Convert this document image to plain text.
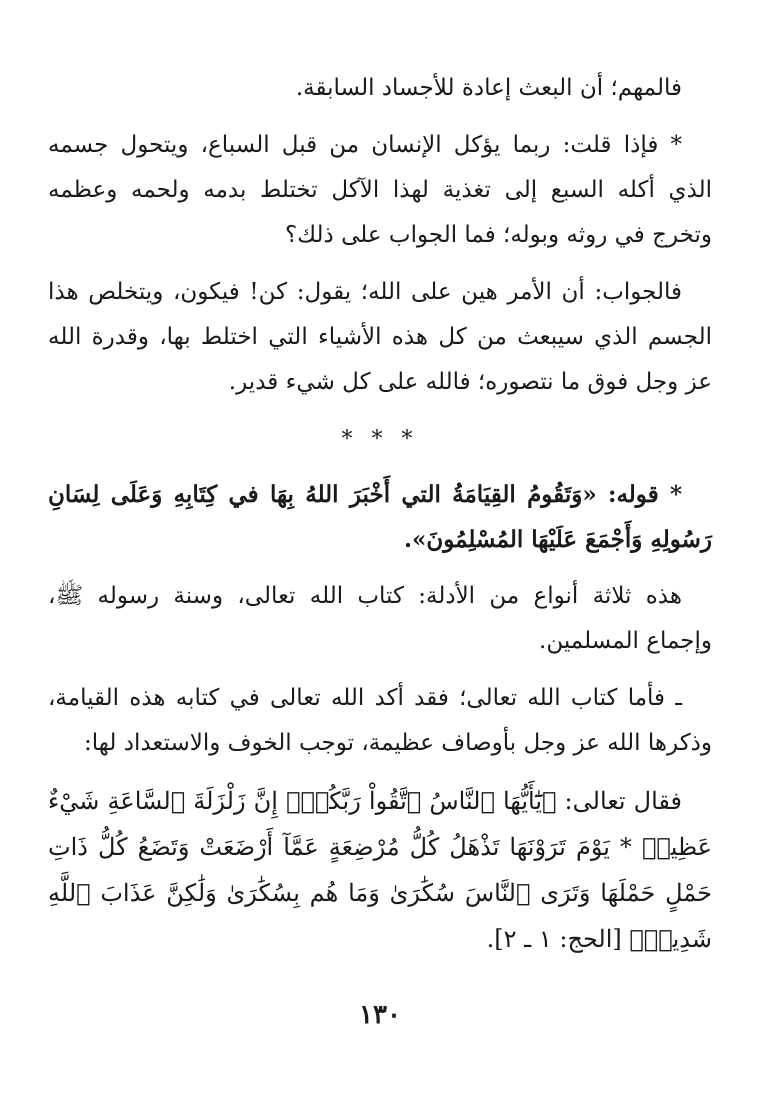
فالمهم؛ أن البعث إعادة للأجساد السابقة.

* فإذا قلت: ربما يؤكل الإنسان من قبل السباع، ويتحول جسمه الذي أكله السبع إلى تغذية لهذا الآكل تختلط بدمه ولحمه وعظمه وتخرج في روثه وبوله؛ فما الجواب على ذلك؟

فالجواب: أن الأمر هين على الله؛ يقول: كن! فيكون، ويتخلص هذا الجسم الذي سيبعث من كل هذه الأشياء التي اختلط بها، وقدرة الله عز وجل فوق ما نتصوره؛ فالله على كل شيء قدير.

* * *

* قوله: «وَتَقُومُ القِيَامَةُ التي أَخْبَرَ اللهُ بِهَا في كِتَابِهِ وَعَلَى لِسَانِ رَسُولِهِ وَأَجْمَعَ عَلَيْهَا المُسْلِمُونَ».

هذه ثلاثة أنواع من الأدلة: كتاب الله تعالى، وسنة رسوله ﷺ، وإجماع المسلمين.

ـ فأما كتاب الله تعالى؛ فقد أكد الله تعالى في كتابه هذه القيامة، وذكرها الله عز وجل بأوصاف عظيمة، توجب الخوف والاستعداد لها:

فقال تعالى: ﴿يَٰٓأَيُّهَا ٱلنَّاسُ ٱتَّقُواْ رَبَّكُمْۚ إِنَّ زَلْزَلَةَ ٱلسَّاعَةِ شَيْءٌ عَظِيمٞ * يَوْمَ تَرَوْنَهَا تَذْهَلُ كُلُّ مُرْضِعَةٍ عَمَّآ أَرْضَعَتْ وَتَضَعُ كُلُّ ذَاتِ حَمْلٍ حَمْلَهَا وَتَرَى ٱلنَّاسَ سُكَٰرَىٰ وَمَا هُم بِسُكَٰرَىٰ وَلَٰكِنَّ عَذَابَ ٱللَّهِ شَدِيدٞ﴾ [الحج: ١ ـ ٢].

١٣٠
